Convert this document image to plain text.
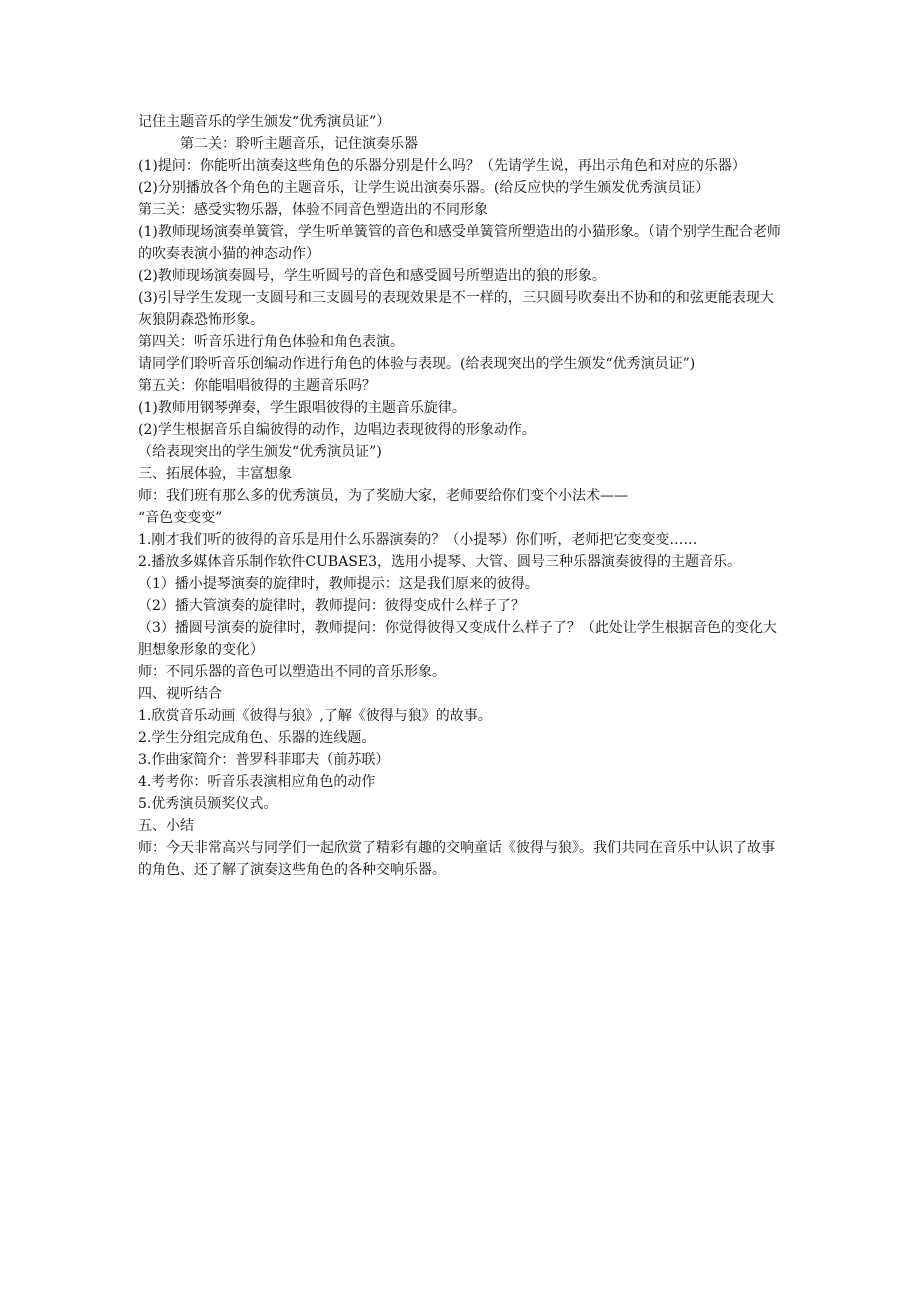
记住主题音乐的学生颁发“优秀演员证”）

第二关：聆听主题音乐，记住演奏乐器

(1)提问：你能听出演奏这些角色的乐器分别是什么吗？（先请学生说，再出示角色和对应的乐器）

(2)分别播放各个角色的主题音乐，让学生说出演奏乐器。(给反应快的学生颁发优秀演员证）

第三关：感受实物乐器，体验不同音色塑造出的不同形象

(1)教师现场演奏单簧管，学生听单簧管的音色和感受单簧管所塑造出的小猫形象。（请个别学生配合老师的吹奏表演小猫的神态动作）

(2)教师现场演奏圆号，学生听圆号的音色和感受圆号所塑造出的狼的形象。

(3)引导学生发现一支圆号和三支圆号的表现效果是不一样的，三只圆号吹奏出不协和的和弦更能表现大灰狼阴森恐怖形象。

第四关：听音乐进行角色体验和角色表演。

请同学们聆听音乐创编动作进行角色的体验与表现。(给表现突出的学生颁发“优秀演员证”)

第五关：你能唱唱彼得的主题音乐吗？

(1)教师用钢琴弹奏，学生跟唱彼得的主题音乐旋律。

(2)学生根据音乐自编彼得的动作，边唱边表现彼得的形象动作。

（给表现突出的学生颁发“优秀演员证”)

三、拓展体验，丰富想象

师：我们班有那么多的优秀演员，为了奖励大家，老师要给你们变个小法术——

“音色变变变”

1.刚才我们听的彼得的音乐是用什么乐器演奏的？（小提琴）你们听，老师把它变变变……

2.播放多媒体音乐制作软件CUBASE3，选用小提琴、大管、圆号三种乐器演奏彼得的主题音乐。

（1）播小提琴演奏的旋律时，教师提示：这是我们原来的彼得。

（2）播大管演奏的旋律时，教师提问：彼得变成什么样子了？

（3）播圆号演奏的旋律时，教师提问：你觉得彼得又变成什么样子了？（此处让学生根据音色的变化大胆想象形象的变化）

师：不同乐器的音色可以塑造出不同的音乐形象。

四、视听结合

1.欣赏音乐动画《彼得与狼》,了解《彼得与狼》的故事。

2.学生分组完成角色、乐器的连线题。

3.作曲家简介：普罗科菲耶夫（前苏联）

4.考考你：听音乐表演相应角色的动作

5.优秀演员颁奖仪式。

五、小结

师：今天非常高兴与同学们一起欣赏了精彩有趣的交响童话《彼得与狼》。我们共同在音乐中认识了故事的角色、还了解了演奏这些角色的各种交响乐器。
